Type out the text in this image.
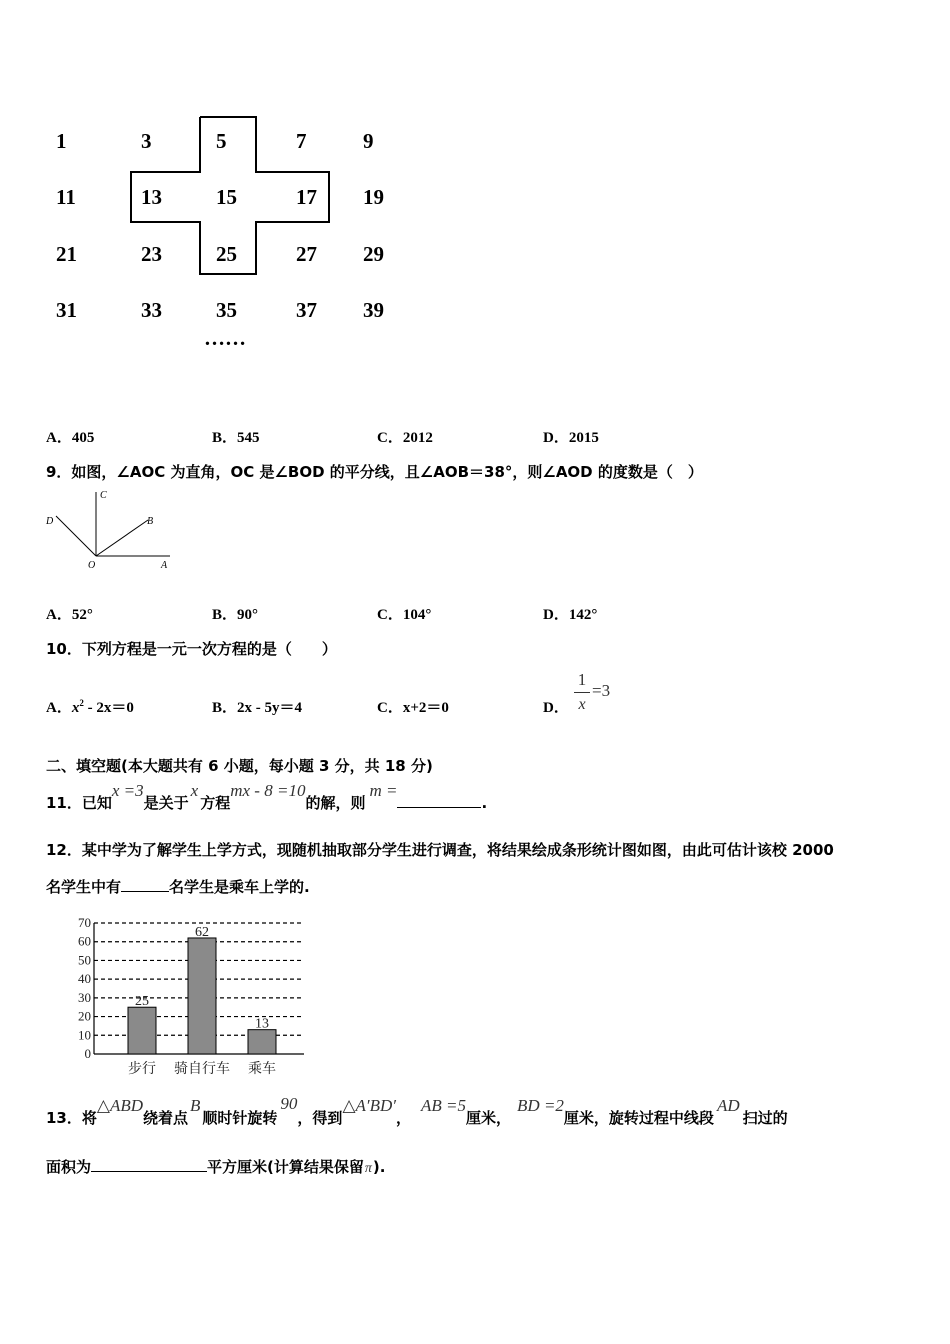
1	3	5	7	9
11	13	15	17 19
21	23	25	27 29
31	33	35	37 39
……
A．405	B．545	C．2012	D．2015
9．如图，∠AOC 为直角，OC 是∠BOD 的平分线，且∠AOB＝38°，则∠AOD 的度数是（　）
C
D	B
O	A
A．52°	B．90°	C．104°	D．142°
10．下列方程是一元一次方程的是（　　）
A．$x^2 - 2x=0$	B．2x - 5y＝4	C．x+2＝0	D．
1
x
=3
二、填空题(本大题共有 6 小题，每小题 3 分，共 18 分)
11．已知x =3是关于x方程mx - 8 =10的解，则m =.
12．某中学为了解学生上学方式，现随机抽取部分学生进行调查，将结果绘成条形统计图如图，由此可估计该校 2000
名学生中有	名学生是乘车上学的.
0
10
20
30
40
50
60
70
25
步行
62
骑自行车
13
乘车
13．将△ABD绕着点B顺时针旋转90，得到△A′BD′，AB =5厘米，BD =2厘米，旋转过程中线段AD扫过的
面积为	平方厘米(计算结果保留π).
